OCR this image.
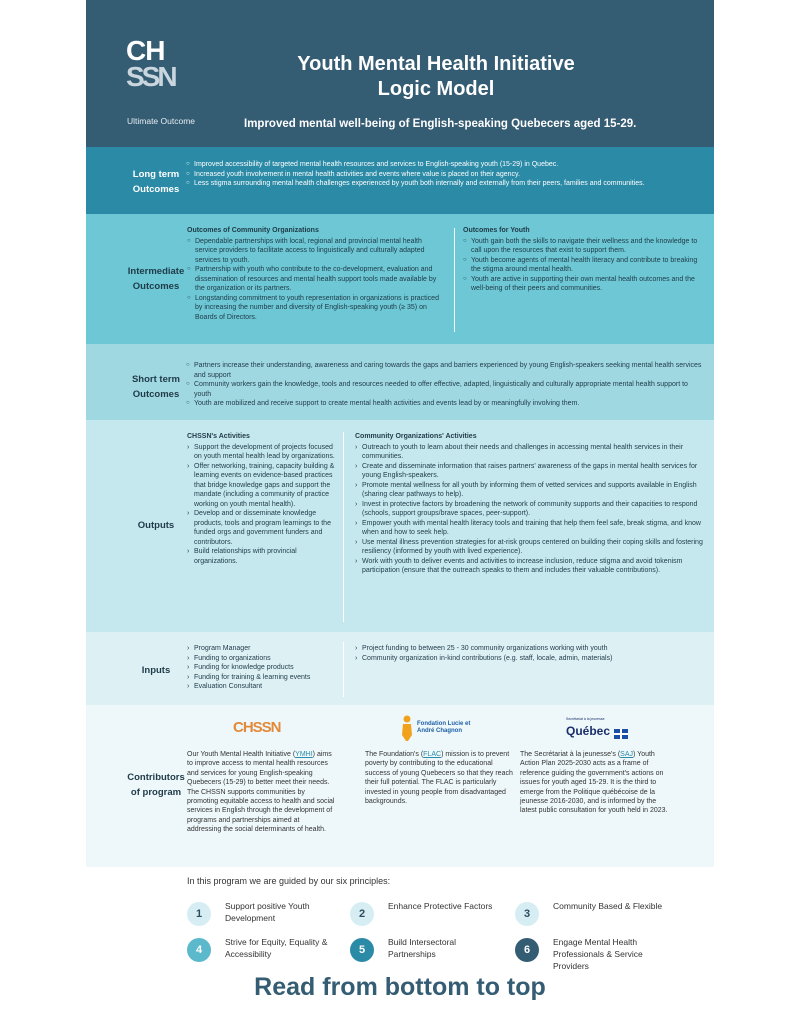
CH
SSN	Youth Mental Health Initiative
Logic Model
Ultimate Outcome	Improved mental well-being of English-speaking Quebecers aged 15-29.
Long term Outcomes
○ Improved accessibility of targeted mental health resources and services to English-speaking youth (15-29) in Quebec.
○ Increased youth involvement in mental health activities and events where value is placed on their agency.
○ Less stigma surrounding mental health challenges experienced by youth both internally and externally from their peers, families and communities.
Intermediate Outcomes
Outcomes of Community Organizations
○ Dependable partnerships with local, regional and provincial mental health service providers to facilitate access to linguistically and culturally adapted services to youth.
○ Partnership with youth who contribute to the co-development, evaluation and dissemination of resources and mental health support tools made available by the organization or its partners.
○ Longstanding commitment to youth representation in organizations is practiced by increasing the number and diversity of English-speaking youth (≥ 35) on Boards of Directors.
Outcomes for Youth
○ Youth gain both the skills to navigate their wellness and the knowledge to call upon the resources that exist to support them.
○ Youth become agents of mental health literacy and contribute to breaking the stigma around mental health.
○ Youth are active in supporting their own mental health outcomes and the well-being of their peers and communities.
Short term Outcomes
○ Partners increase their understanding, awareness and caring towards the gaps and barriers experienced by young English-speakers seeking mental health services and support
○ Community workers gain the knowledge, tools and resources needed to offer effective, adapted, linguistically and culturally appropriate mental health support to youth
○ Youth are mobilized and receive support to create mental health activities and events lead by or meaningfully involving them.
Outputs
CHSSN's Activities
› Support the development of projects focused on youth mental health lead by organizations.
› Offer networking, training, capacity building & learning events on evidence-based practices that bridge knowledge gaps and support the mandate (including a community of practice working on youth mental health).
› Develop and or disseminate knowledge products, tools and program learnings to the funded orgs and government funders and contributors.
› Build relationships with provincial organizations.
Community Organizations' Activities
› Outreach to youth to learn about their needs and challenges in accessing mental health services in their communities.
› Create and disseminate information that raises partners' awareness of the gaps in mental health services for young English-speakers.
› Promote mental wellness for all youth by informing them of vetted services and supports available in English (sharing clear pathways to help).
› Invest in protective factors by broadening the network of community supports and their capacities to respond (schools, support groups/brave spaces, peer-support).
› Empower youth with mental health literacy tools and training that help them feel safe, break stigma, and know when and how to seek help.
› Use mental illness prevention strategies for at-risk groups centered on building their coping skills and fostering resiliency (informed by youth with lived experience).
› Work with youth to deliver events and activities to increase inclusion, reduce stigma and avoid tokenism participation (ensure that the outreach speaks to them and includes their valuable contributions).
Inputs
› Program Manager
› Funding to organizations
› Funding for knowledge products
› Funding for training & learning events
› Evaluation Consultant
› Project funding to between 25 - 30 community organizations working with youth
› Community organization in-kind contributions (e.g. staff, locale, admin, materials)
Contributors of program
CHSSN
Our Youth Mental Health Initiative (YMHI) aims to improve access to mental health resources and services for young English-speaking Quebecers (15-29) to better meet their needs. The CHSSN supports communities by promoting equitable access to health and social services in English through the development of programs and partnerships aimed at addressing the social determinants of health.
Fondation Lucie et André Chagnon
The Foundation's (FLAC) mission is to prevent poverty by contributing to the educational success of young Quebecers so that they reach their full potential. The FLAC is particularly invested in young people from disadvantaged backgrounds.
Secrétariat à la jeunesse
Québec
The Secrétariat à la jeunesse's (SAJ) Youth Action Plan 2025-2030 acts as a frame of reference guiding the government's actions on issues for youth aged 15-29. It is the third to emerge from the Politique québécoise de la jeunesse 2016-2030, and is informed by the latest public consultation for youth held in 2023.
In this program we are guided by our six principles:
1
Support positive Youth Development	2
Enhance Protective Factors
3
Community Based & Flexible
4
Strive for Equity, Equality & Accessibility	5
Build Intersectoral Partnerships	6
Engage Mental Health Professionals & Service Providers
Read from bottom to top
